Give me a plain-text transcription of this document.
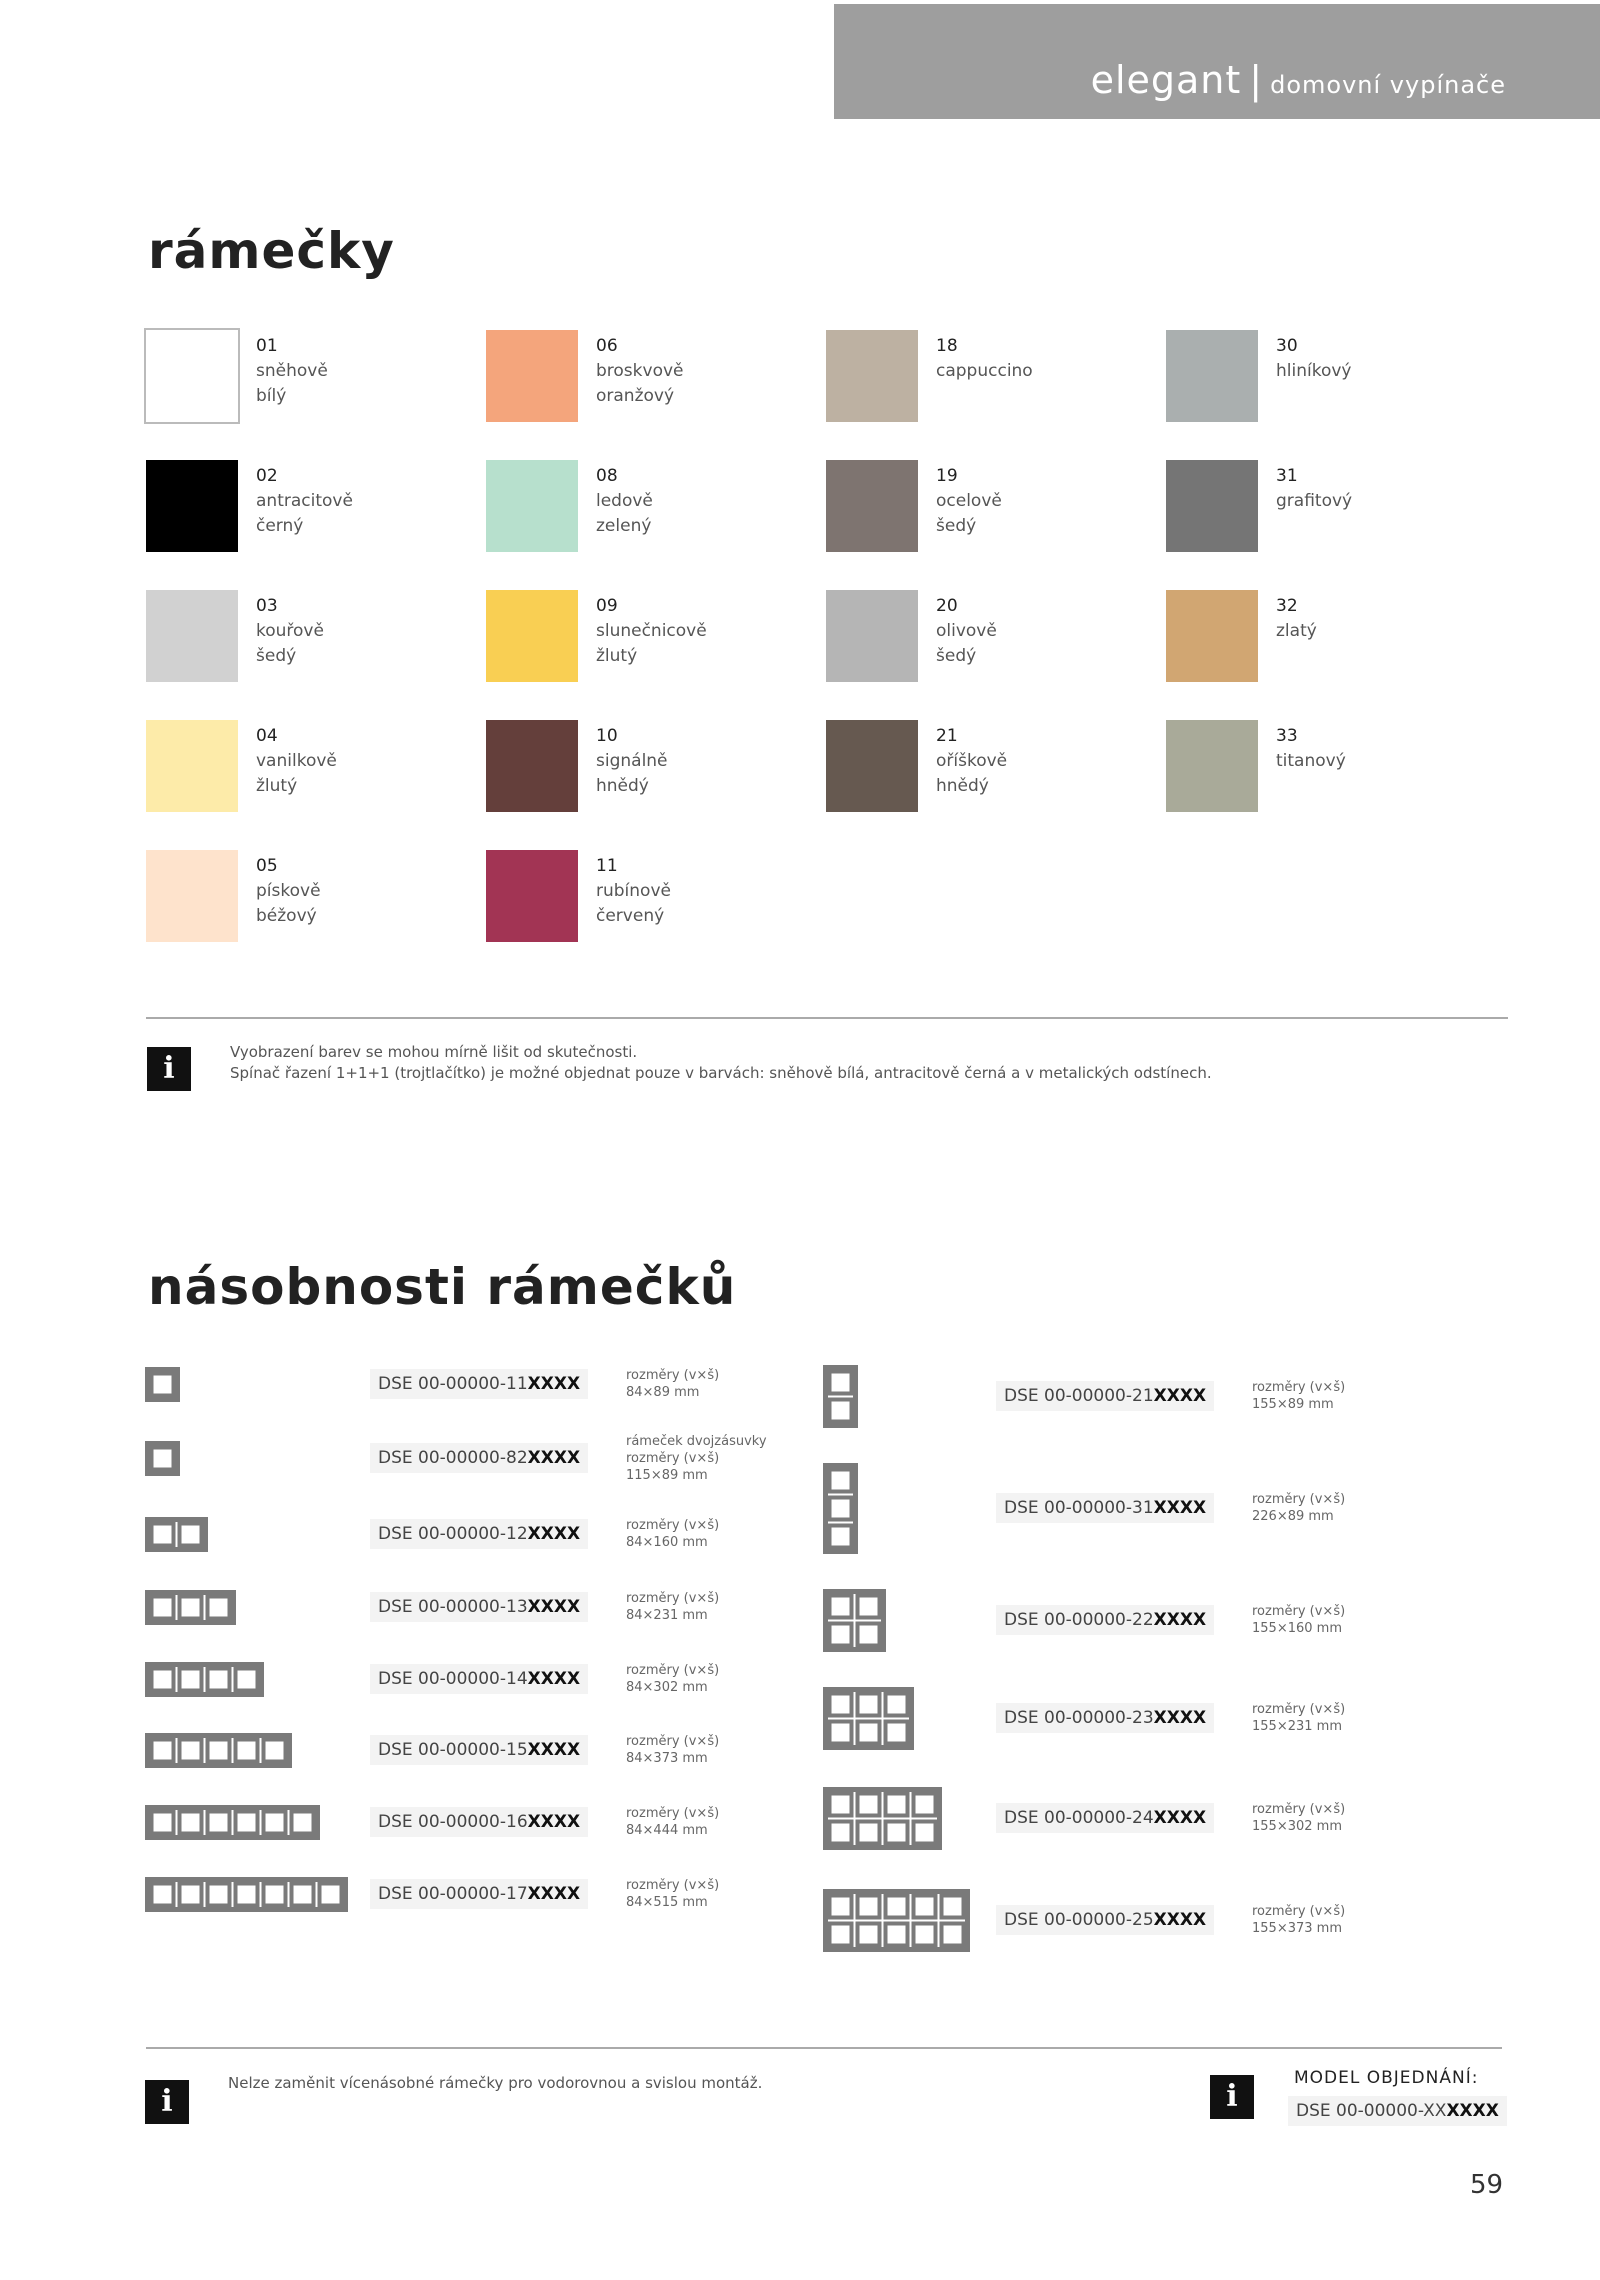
elegant | domovní vypínače
rámečky
01
sněhově
bílý
02
antracitově
černý
03
kouřově
šedý
04
vanilkově
žlutý
05
pískově
béžový
06
broskvově
oranžový
08
ledově
zelený
09
slunečnicově
žlutý
10
signálně
hnědý
11
rubínově
červený
18
cappuccino
19
ocelově
šedý
20
olivově
šedý
21
oříškově
hnědý
30
hliníkový
31
grafitový
32
zlatý
33
titanový
i	Vyobrazení barev se mohou mírně lišit od skutečnosti.
Spínač řazení 1+1+1 (trojtlačítko) je možné objednat pouze v barvách: sněhově bílá, antracitově černá a v metalických odstínech.
násobnosti rámečků
DSE 00-00000-11XXXX	rozměry (v×š)
84×89 mm
DSE 00-00000-82XXXX
rámeček dvojzásuvky
rozměry (v×š)
115×89 mm
DSE 00-00000-12XXXX	rozměry (v×š)
84×160 mm
DSE 00-00000-13XXXX	rozměry (v×š)
84×231 mm
DSE 00-00000-14XXXX	rozměry (v×š)
84×302 mm
DSE 00-00000-15XXXX	rozměry (v×š)
84×373 mm
DSE 00-00000-16XXXX	rozměry (v×š)
84×444 mm
DSE 00-00000-17XXXX	rozměry (v×š)
84×515 mm
DSE 00-00000-21XXXX	rozměry (v×š)
155×89 mm
DSE 00-00000-31XXXX	rozměry (v×š)
226×89 mm
DSE 00-00000-22XXXX	rozměry (v×š)
155×160 mm
DSE 00-00000-23XXXX	rozměry (v×š)
155×231 mm
DSE 00-00000-24XXXX	rozměry (v×š)
155×302 mm
DSE 00-00000-25XXXX	rozměry (v×š)
155×373 mm
i
Nelze zaměnit vícenásobné rámečky pro vodorovnou a svislou montáž.	i
MODEL OBJEDNÁNÍ:
DSE 00-00000-XXXXXX
59
